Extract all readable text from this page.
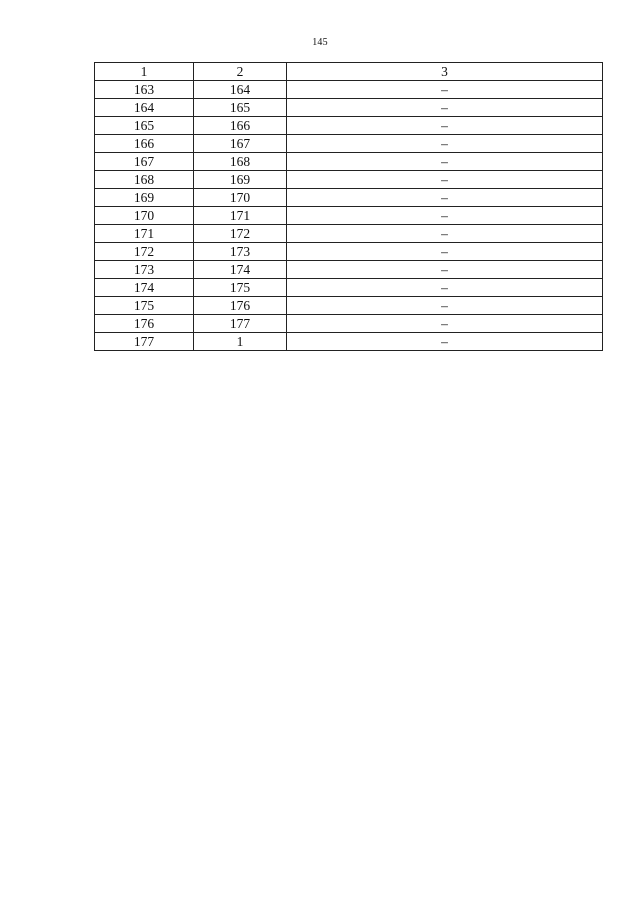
145
1	2	3
163	164	–
164	165	–
165	166	–
166	167	–
167	168	–
168	169	–
169	170	–
170	171	–
171	172	–
172	173	–
173	174	–
174	175	–
175	176	–
176	177	–
177	1	–
